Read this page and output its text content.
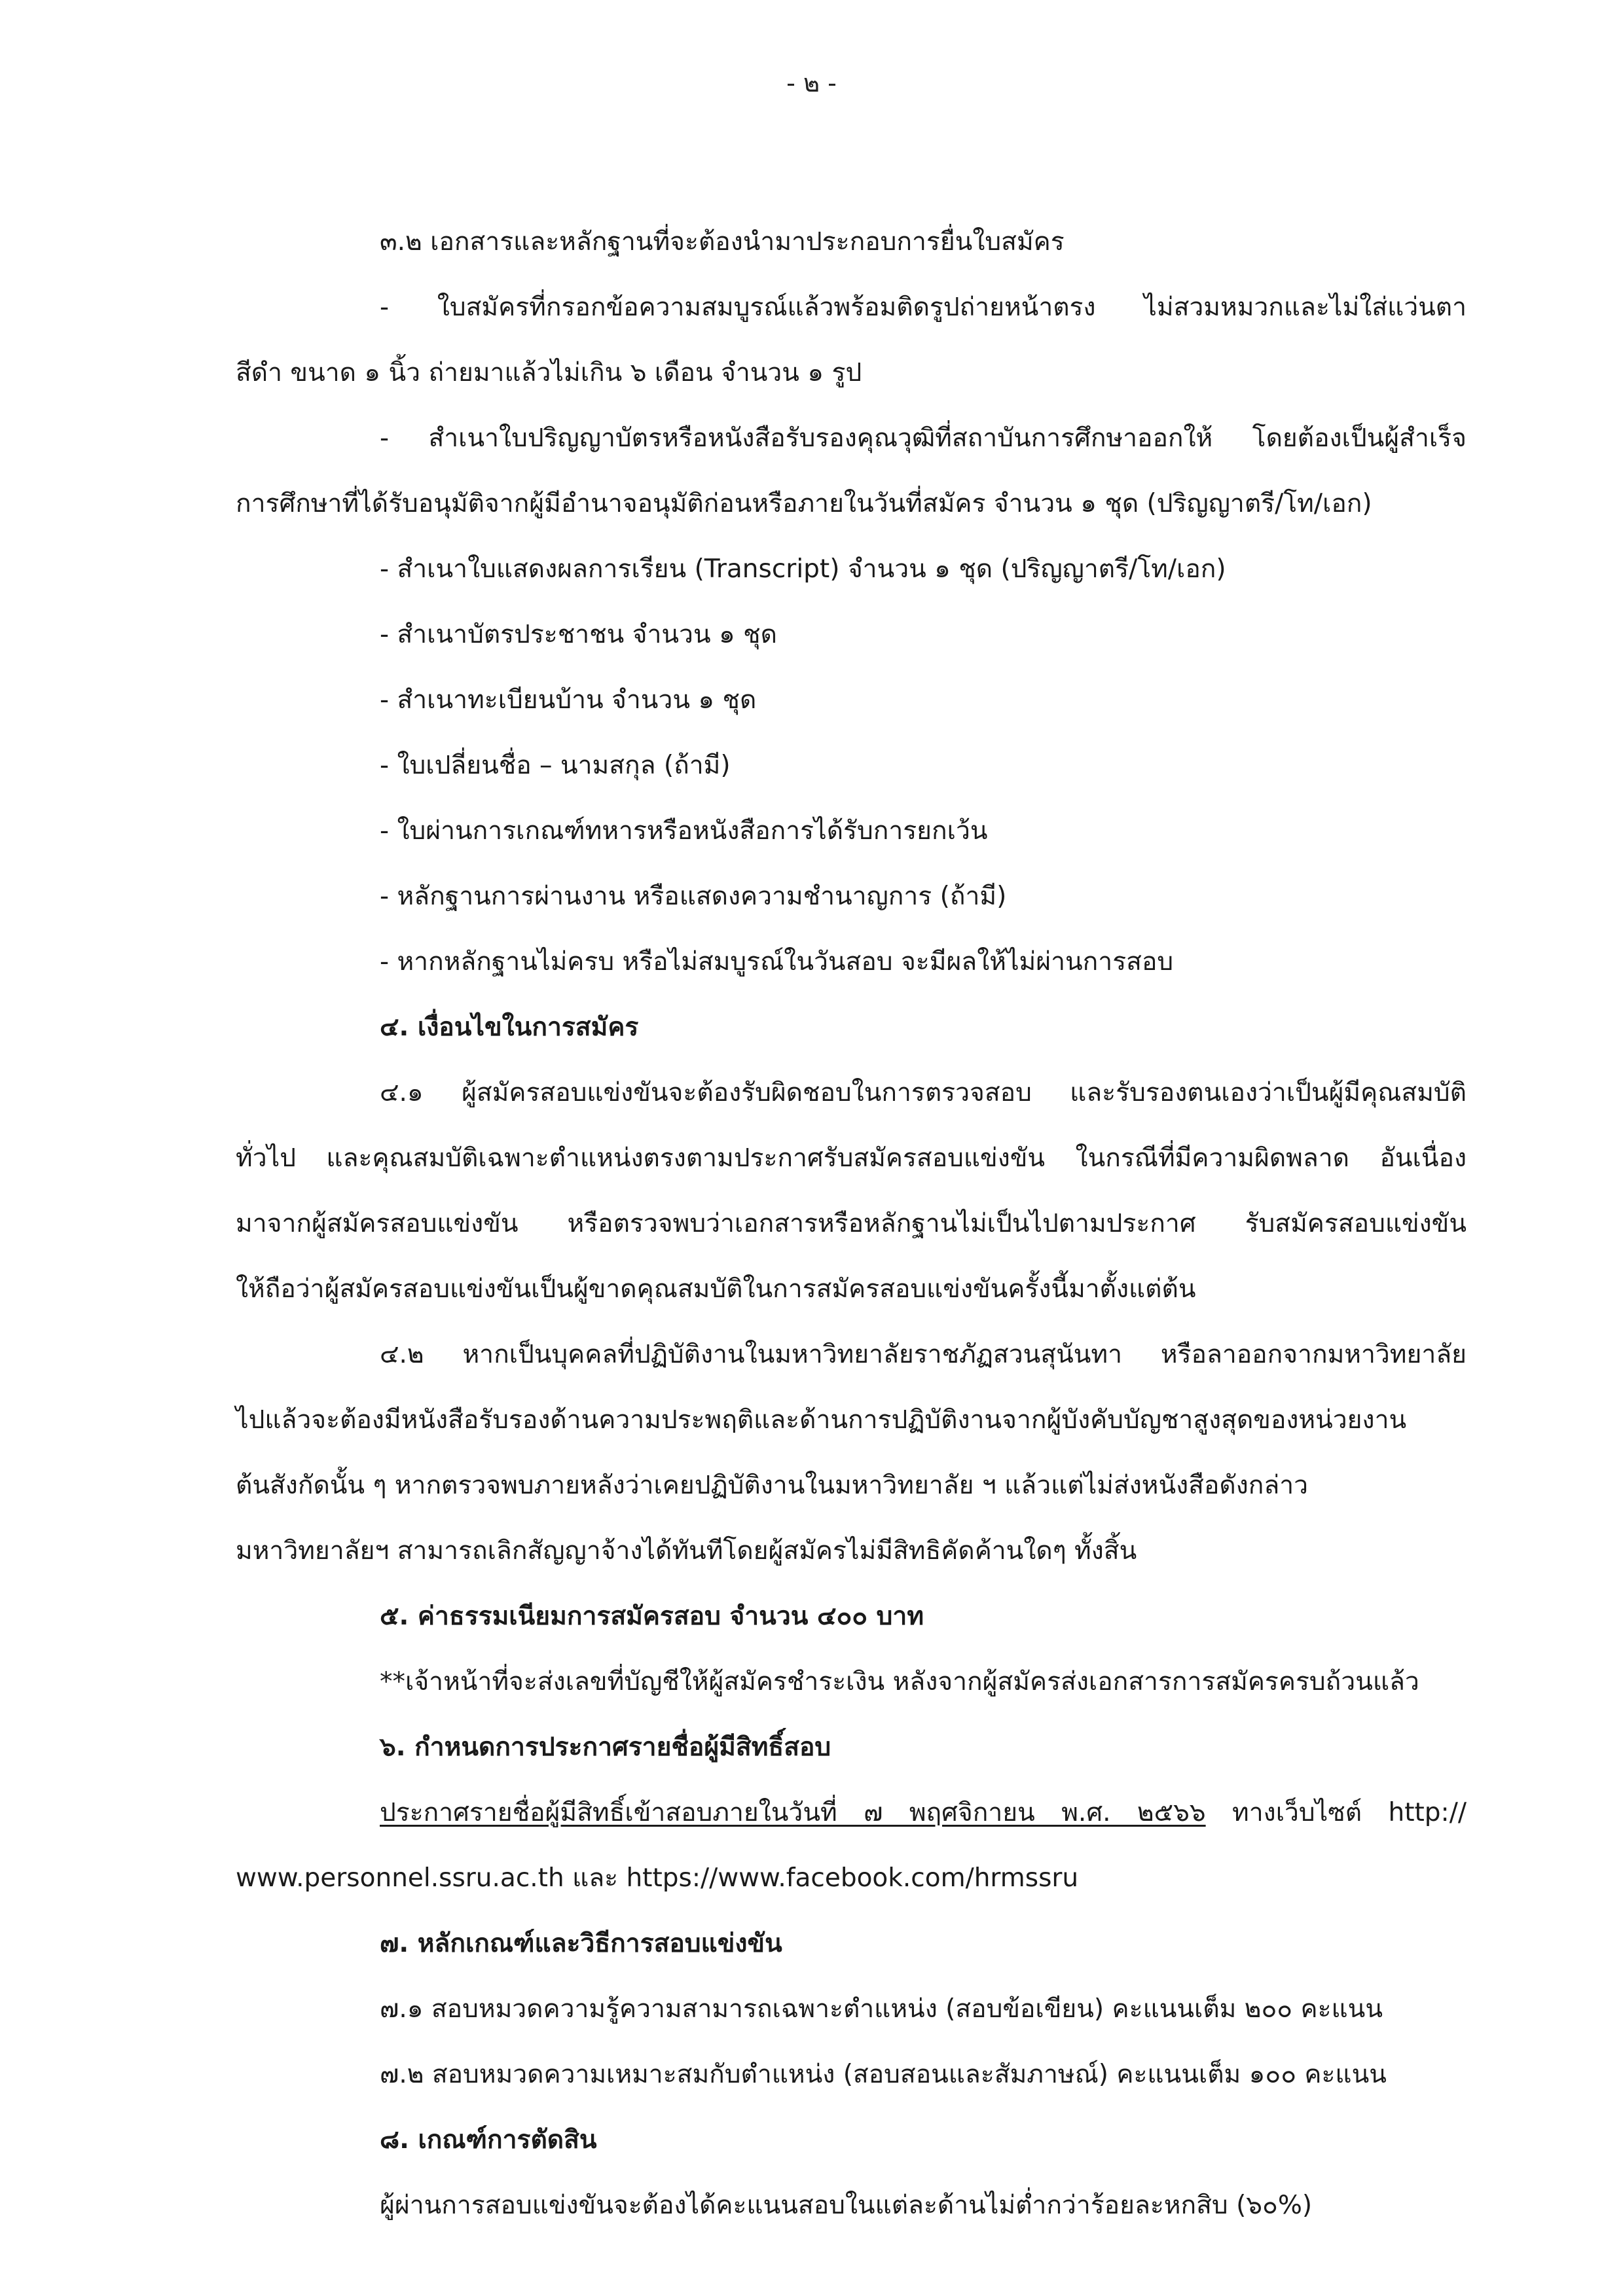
- ๒ -

๓.๒ เอกสารและหลักฐานที่จะต้องนำมาประกอบการยื่นใบสมัคร

- ใบสมัครที่กรอกข้อความสมบูรณ์แล้วพร้อมติดรูปถ่ายหน้าตรง ไม่สวมหมวกและไม่ใส่แว่นตา

สีดำ ขนาด ๑ นิ้ว ถ่ายมาแล้วไม่เกิน ๖ เดือน จำนวน ๑ รูป

- สำเนาใบปริญญาบัตรหรือหนังสือรับรองคุณวุฒิที่สถาบันการศึกษาออกให้ โดยต้องเป็นผู้สำเร็จ

การศึกษาที่ได้รับอนุมัติจากผู้มีอำนาจอนุมัติก่อนหรือภายในวันที่สมัคร จำนวน ๑ ชุด (ปริญญาตรี/โท/เอก)

- สำเนาใบแสดงผลการเรียน (Transcript) จำนวน ๑ ชุด (ปริญญาตรี/โท/เอก)

- สำเนาบัตรประชาชน จำนวน ๑ ชุด

- สำเนาทะเบียนบ้าน จำนวน ๑ ชุด

- ใบเปลี่ยนชื่อ – นามสกุล (ถ้ามี)

- ใบผ่านการเกณฑ์ทหารหรือหนังสือการได้รับการยกเว้น

- หลักฐานการผ่านงาน หรือแสดงความชำนาญการ (ถ้ามี)

- หากหลักฐานไม่ครบ หรือไม่สมบูรณ์ในวันสอบ จะมีผลให้ไม่ผ่านการสอบ

๔. เงื่อนไขในการสมัคร

๔.๑ ผู้สมัครสอบแข่งขันจะต้องรับผิดชอบในการตรวจสอบ และรับรองตนเองว่าเป็นผู้มีคุณสมบัติ

ทั่วไป และคุณสมบัติเฉพาะตำแหน่งตรงตามประกาศรับสมัครสอบแข่งขัน ในกรณีที่มีความผิดพลาด อันเนื่อง

มาจากผู้สมัครสอบแข่งขัน หรือตรวจพบว่าเอกสารหรือหลักฐานไม่เป็นไปตามประกาศ รับสมัครสอบแข่งขัน

ให้ถือว่าผู้สมัครสอบแข่งขันเป็นผู้ขาดคุณสมบัติในการสมัครสอบแข่งขันครั้งนี้มาตั้งแต่ต้น

๔.๒ หากเป็นบุคคลที่ปฏิบัติงานในมหาวิทยาลัยราชภัฏสวนสุนันทา หรือลาออกจากมหาวิทยาลัย

ไปแล้วจะต้องมีหนังสือรับรองด้านความประพฤติและด้านการปฏิบัติงานจากผู้บังคับบัญชาสูงสุดของหน่วยงาน

ต้นสังกัดนั้น ๆ หากตรวจพบภายหลังว่าเคยปฏิบัติงานในมหาวิทยาลัย ฯ แล้วแต่ไม่ส่งหนังสือดังกล่าว

มหาวิทยาลัยฯ สามารถเลิกสัญญาจ้างได้ทันทีโดยผู้สมัครไม่มีสิทธิคัดค้านใดๆ ทั้งสิ้น

๕. ค่าธรรมเนียมการสมัครสอบ จำนวน ๔๐๐ บาท

**เจ้าหน้าที่จะส่งเลขที่บัญชีให้ผู้สมัครชำระเงิน หลังจากผู้สมัครส่งเอกสารการสมัครครบถ้วนแล้ว

๖. กำหนดการประกาศรายชื่อผู้มีสิทธิ์สอบ

ประกาศรายชื่อผู้มีสิทธิ์เข้าสอบภายในวันที่ ๗ พฤศจิกายน พ.ศ. ๒๕๖๖ ทางเว็บไซต์ http://

www.personnel.ssru.ac.th และ https://www.facebook.com/hrmssru

๗. หลักเกณฑ์และวิธีการสอบแข่งขัน

๗.๑ สอบหมวดความรู้ความสามารถเฉพาะตำแหน่ง (สอบข้อเขียน) คะแนนเต็ม ๒๐๐ คะแนน

๗.๒ สอบหมวดความเหมาะสมกับตำแหน่ง (สอบสอนและสัมภาษณ์) คะแนนเต็ม ๑๐๐ คะแนน

๘. เกณฑ์การตัดสิน

ผู้ผ่านการสอบแข่งขันจะต้องได้คะแนนสอบในแต่ละด้านไม่ต่ำกว่าร้อยละหกสิบ (๖๐%)
